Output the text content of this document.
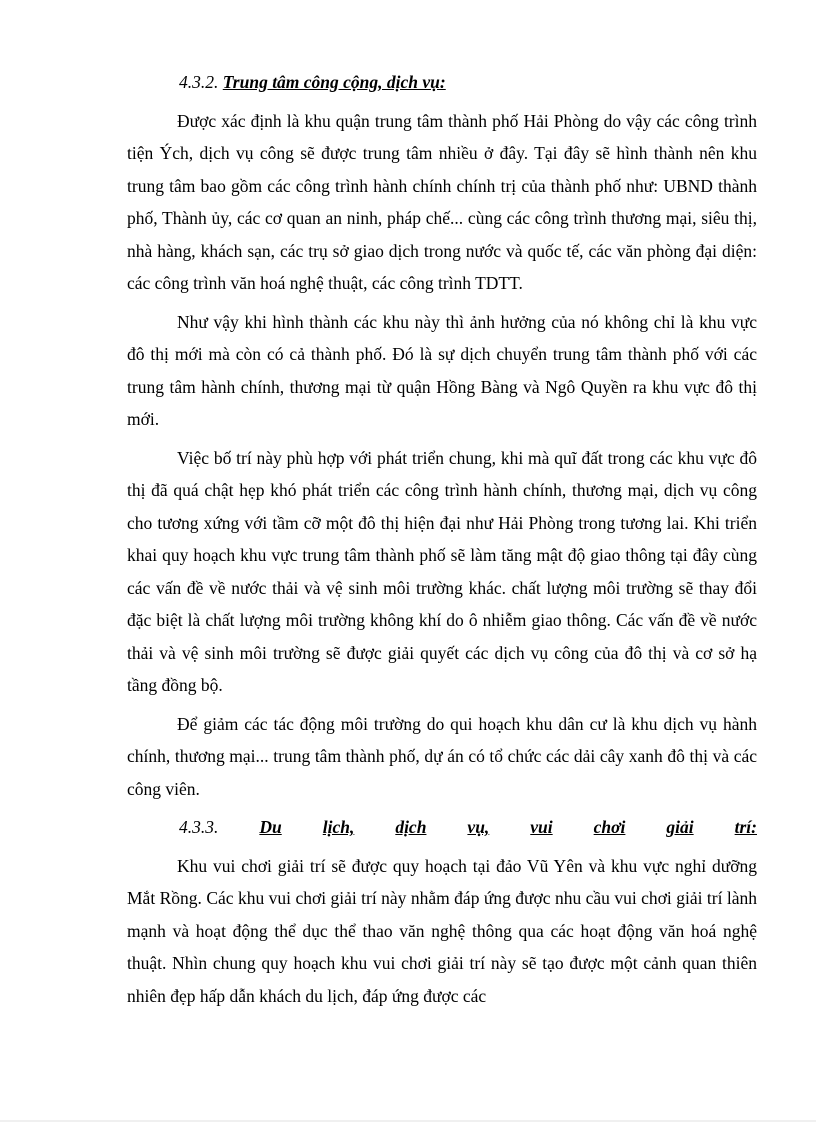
4.3.2. Trung tâm công cộng, dịch vụ:

Được xác định là khu quận trung tâm thành phố Hải Phòng do vậy các công trình tiện Ých, dịch vụ công sẽ được trung tâm nhiều ở đây. Tại đây sẽ hình thành nên khu trung tâm bao gồm các công trình hành chính chính trị của thành phố như: UBND thành phố, Thành ủy, các cơ quan an ninh, pháp chế... cùng các công trình thương mại, siêu thị, nhà hàng, khách sạn, các trụ sở giao dịch trong nước và quốc tế, các văn phòng đại diện: các công trình văn hoá nghệ thuật, các công trình TDTT.

Như vậy khi hình thành các khu này thì ảnh hưởng của nó không chỉ là khu vực đô thị mới mà còn có cả thành phố. Đó là sự dịch chuyển trung tâm thành phố với các trung tâm hành chính, thương mại từ quận Hồng Bàng và Ngô Quyền ra khu vực đô thị mới.

Việc bố trí này phù hợp với phát triển chung, khi mà quĩ đất trong các khu vực đô thị đã quá chật hẹp khó phát triển các công trình hành chính, thương mại, dịch vụ công cho tương xứng với tầm cỡ một đô thị hiện đại như Hải Phòng trong tương lai. Khi triển khai quy hoạch khu vực trung tâm thành phố sẽ làm tăng mật độ giao thông tại đây cùng các vấn đề về nước thải và vệ sinh môi trường khác. chất lượng môi trường sẽ thay đổi đặc biệt là chất lượng môi trường không khí do ô nhiễm giao thông. Các vấn đề về nước thải và vệ sinh môi trường sẽ được giải quyết các dịch vụ công của đô thị và cơ sở hạ tầng đồng bộ.

Để giảm các tác động môi trường do qui hoạch khu dân cư là khu dịch vụ hành chính, thương mại... trung tâm thành phố, dự án có tổ chức các dải cây xanh đô thị và các công viên.

4.3.3. Du lịch, dịch vụ, vui chơi giải trí:

Khu vui chơi giải trí sẽ được quy hoạch tại đảo Vũ Yên và khu vực nghỉ dưỡng Mắt Rồng. Các khu vui chơi giải trí này nhằm đáp ứng được nhu cầu vui chơi giải trí lành mạnh và hoạt động thể dục thể thao văn nghệ thông qua các hoạt động văn hoá nghệ thuật. Nhìn chung quy hoạch khu vui chơi giải trí này sẽ tạo được một cảnh quan thiên nhiên đẹp hấp dẫn khách du lịch, đáp ứng được các
